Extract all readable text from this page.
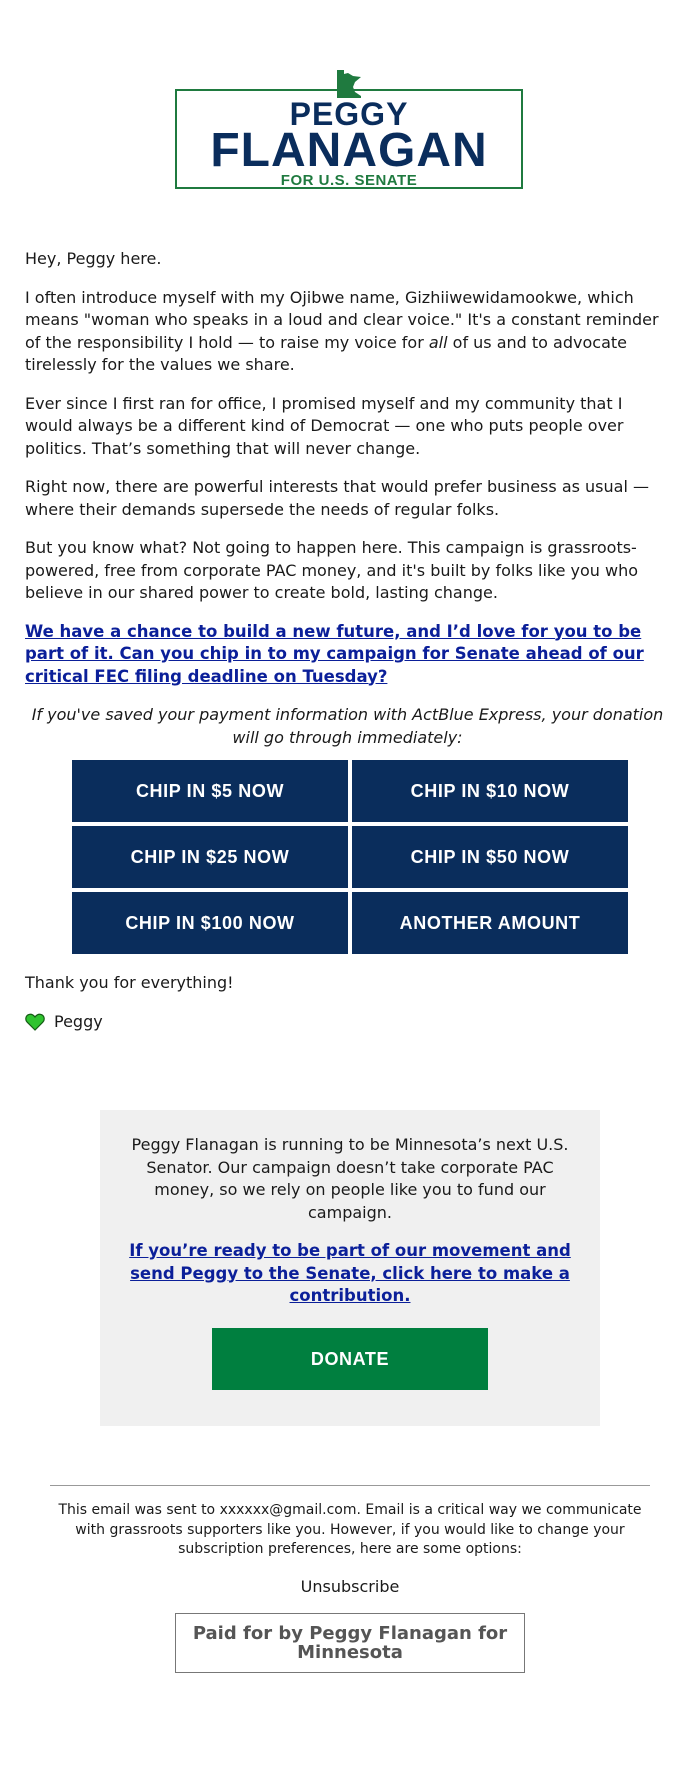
PEGGY
FLANAGAN
FOR U.S. SENATE

Hey, Peggy here.

I often introduce myself with my Ojibwe name, Gizhiiwewidamookwe, which means "woman who speaks in a loud and clear voice." It's a constant reminder of the responsibility I hold — to raise my voice for all of us and to advocate tirelessly for the values we share.

Ever since I first ran for office, I promised myself and my community that I would always be a different kind of Democrat — one who puts people over politics. That’s something that will never change.

Right now, there are powerful interests that would prefer business as usual — where their demands supersede the needs of regular folks.

But you know what? Not going to happen here. This campaign is grassroots-powered, free from corporate PAC money, and it's built by folks like you who believe in our shared power to create bold, lasting change.

We have a chance to build a new future, and I’d love for you to be part of it. Can you chip in to my campaign for Senate ahead of our critical FEC filing deadline on Tuesday?

If you've saved your payment information with ActBlue Express, your donation will go through immediately:

CHIP IN $5 NOW	CHIP IN $10 NOW
CHIP IN $25 NOW	CHIP IN $50 NOW
CHIP IN $100 NOW	ANOTHER AMOUNT
Thank you for everything!
Peggy

Peggy Flanagan is running to be Minnesota’s next U.S. Senator. Our campaign doesn’t take corporate PAC money, so we rely on people like you to fund our campaign.

If you’re ready to be part of our movement and send Peggy to the Senate, click here to make a contribution.
DONATE

This email was sent to xxxxxx@gmail.com. Email is a critical way we communicate with grassroots supporters like you. However, if you would like to change your subscription preferences, here are some options:

Unsubscribe
Paid for by Peggy Flanagan for Minnesota
